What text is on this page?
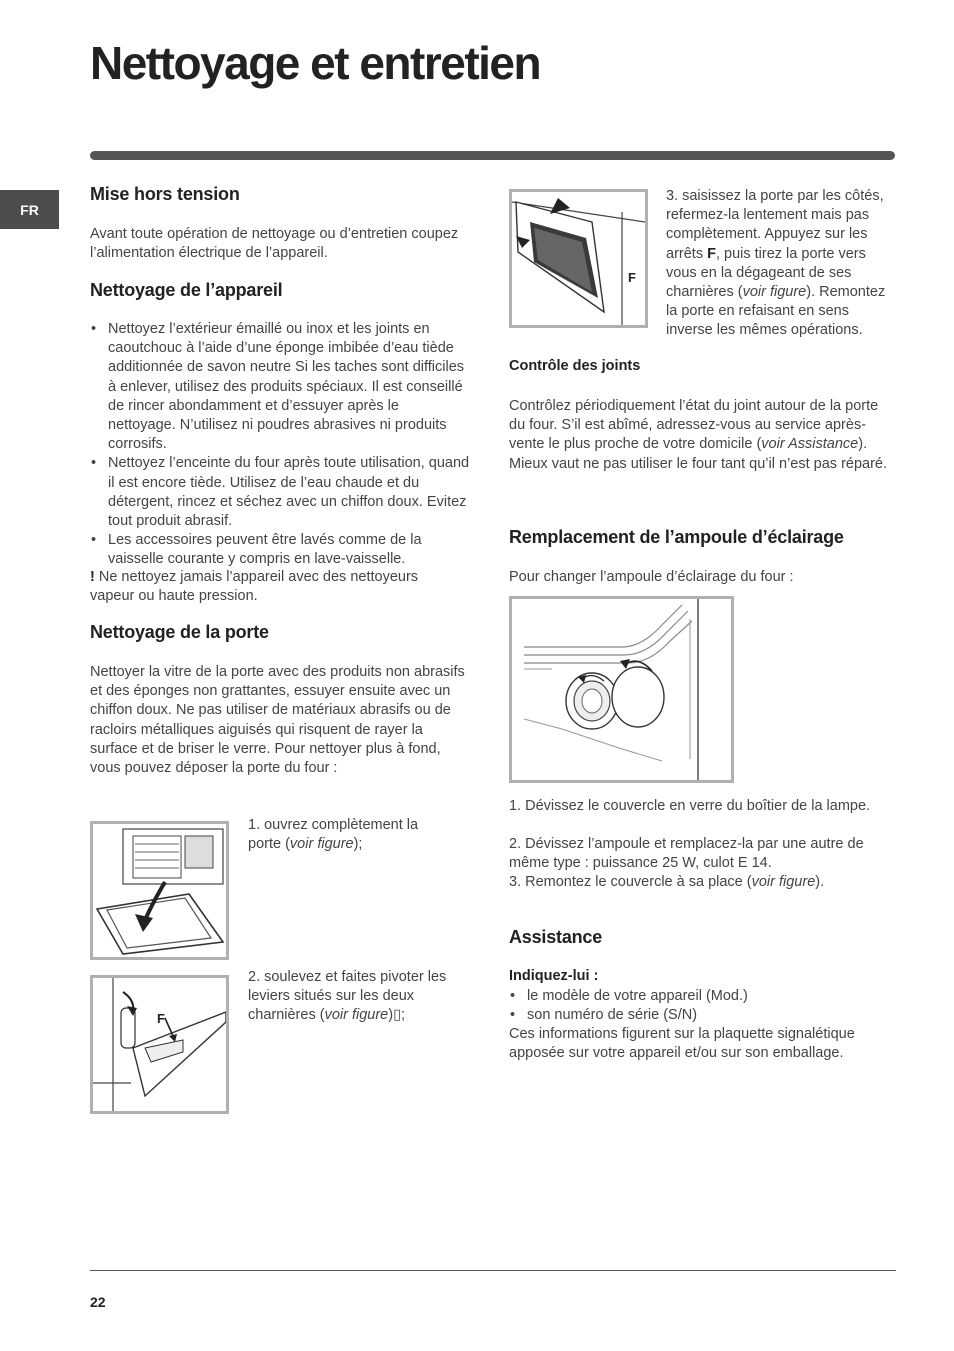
Nettoyage et entretien
FR
Mise hors tension

Avant toute opération de nettoyage ou d’entretien coupez l’alimentation électrique de l’appareil.

Nettoyage de l’appareil
• Nettoyez l’extérieur émaillé ou inox et les joints en caoutchouc à l’aide d’une éponge imbibée d’eau tiède additionnée de savon neutre Si les taches sont difficiles à enlever, utilisez des produits spéciaux. Il est conseillé de rincer abondamment et d’essuyer après le nettoyage. N’utilisez ni poudres abrasives ni produits corrosifs.
• Nettoyez l’enceinte du four après toute utilisation, quand il est encore tiède. Utilisez de l’eau chaude et du détergent, rincez et séchez avec un chiffon doux. Evitez tout produit abrasif.
• Les accessoires peuvent être lavés comme de la vaisselle courante y compris en lave-vaisselle.

! Ne nettoyez jamais l’appareil avec des nettoyeurs vapeur ou haute pression.

Nettoyage de la porte

Nettoyer la vitre de la porte avec des produits non abrasifs et des éponges non grattantes, essuyer ensuite avec un chiffon doux. Ne pas utiliser de matériaux abrasifs ou de racloirs métalliques aiguisés qui risquent de rayer la surface et de briser le verre. Pour nettoyer plus à fond, vous pouvez déposer la porte du four :

1. ouvrez complètement la porte (voir figure);

F

2. soulevez et faites pivoter les leviers situés sur les deux charnières (voir figure)▯;

F

3. saisissez la porte par les côtés, refermez-la lentement mais pas complètement. Appuyez sur les arrêts F, puis tirez la porte vers vous en la dégageant de ses charnières (voir figure). Remontez la porte en refaisant en sens inverse les mêmes opérations.

Contrôle des joints

Contrôlez périodiquement l’état du joint autour de la porte du four. S’il est abîmé, adressez-vous au service après-vente le plus proche de votre domicile (voir Assistance). Mieux vaut ne pas utiliser le four tant qu’il n’est pas réparé.

Remplacement de l’ampoule d’éclairage

Pour changer l’ampoule d’éclairage du four :

1. Dévissez le couvercle en verre du boîtier de la lampe.

2. Dévissez l’ampoule et remplacez-la par une autre de même type : puissance 25 W, culot E 14.

3. Remontez le couvercle à sa place (voir figure).

Assistance
Indiquez-lui :
• le modèle de votre appareil (Mod.)
• son numéro de série (S/N)

Ces informations figurent sur la plaquette signalétique apposée sur votre appareil et/ou sur son emballage.

22
